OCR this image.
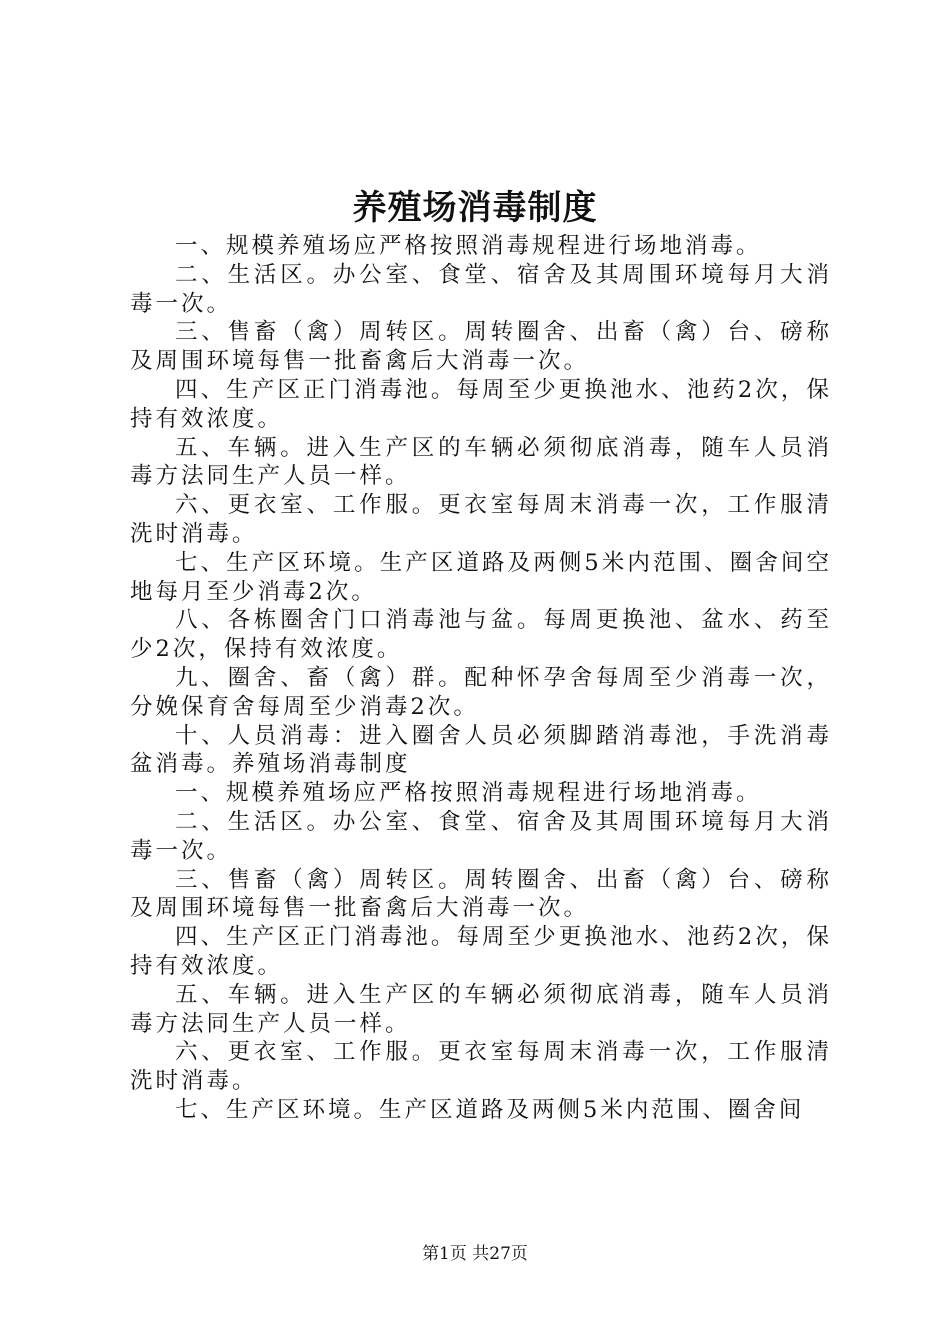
养殖场消毒制度

一、规模养殖场应严格按照消毒规程进行场地消毒。

二、生活区。办公室、食堂、宿舍及其周围环境每月大消毒一次。

三、售畜（禽）周转区。周转圈舍、出畜（禽）台、磅称及周围环境每售一批畜禽后大消毒一次。

四、生产区正门消毒池。每周至少更换池水、池药2次，保持有效浓度。

五、车辆。进入生产区的车辆必须彻底消毒，随车人员消毒方法同生产人员一样。

六、更衣室、工作服。更衣室每周末消毒一次，工作服清洗时消毒。

七、生产区环境。生产区道路及两侧5米内范围、圈舍间空地每月至少消毒2次。

八、各栋圈舍门口消毒池与盆。每周更换池、盆水、药至少2次，保持有效浓度。

九、圈舍、畜（禽）群。配种怀孕舍每周至少消毒一次，分娩保育舍每周至少消毒2次。

十、人员消毒：进入圈舍人员必须脚踏消毒池，手洗消毒盆消毒。养殖场消毒制度

一、规模养殖场应严格按照消毒规程进行场地消毒。

二、生活区。办公室、食堂、宿舍及其周围环境每月大消毒一次。

三、售畜（禽）周转区。周转圈舍、出畜（禽）台、磅称及周围环境每售一批畜禽后大消毒一次。

四、生产区正门消毒池。每周至少更换池水、池药2次，保持有效浓度。

五、车辆。进入生产区的车辆必须彻底消毒，随车人员消毒方法同生产人员一样。

六、更衣室、工作服。更衣室每周末消毒一次，工作服清洗时消毒。

七、生产区环境。生产区道路及两侧5米内范围、圈舍间

第1页 共27页
